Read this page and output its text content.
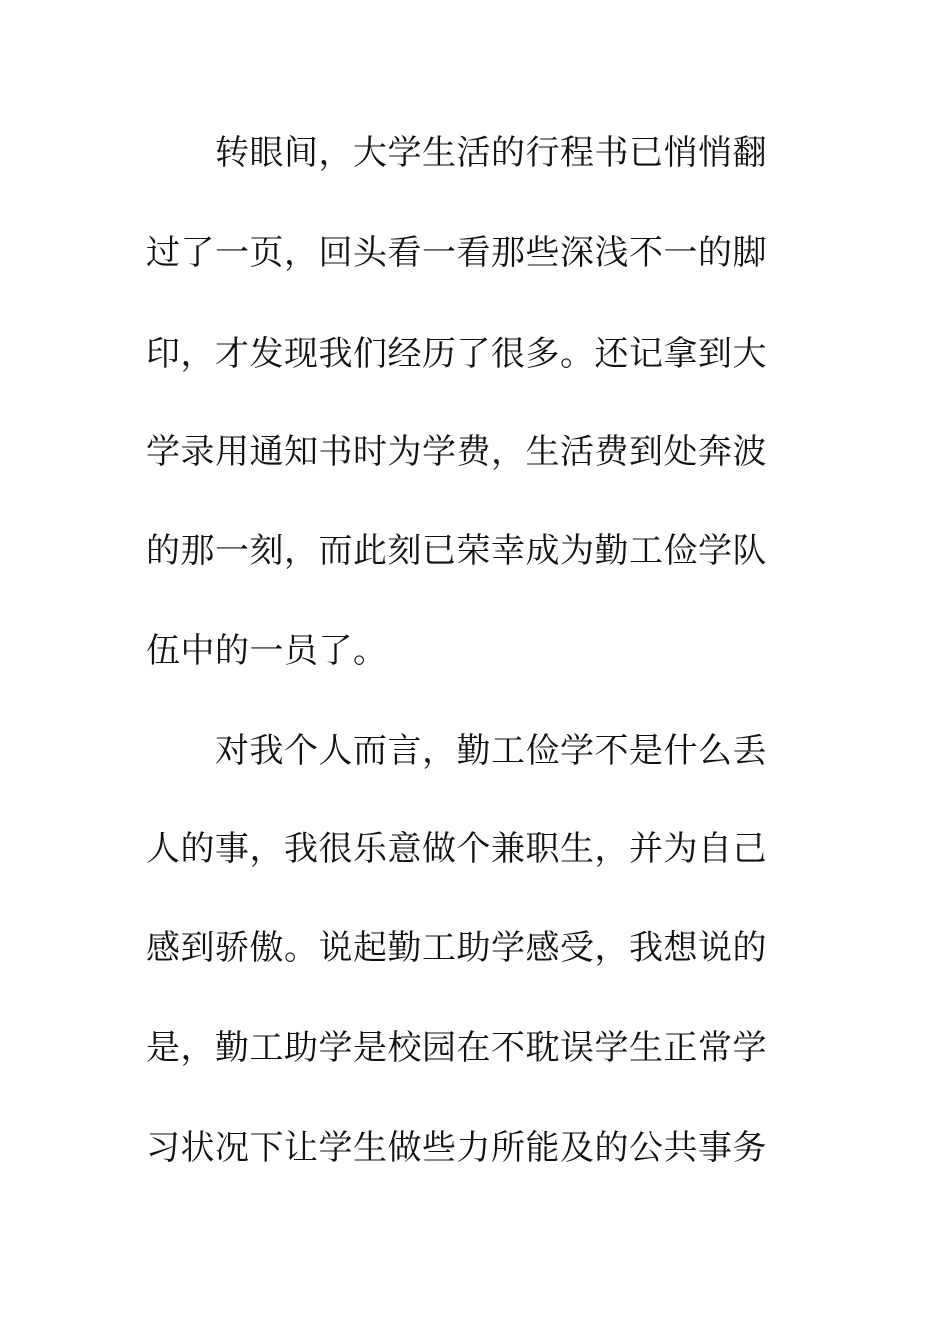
转眼间，大学生活的行程书已悄悄翻
过了一页，回头看一看那些深浅不一的脚
印，才发现我们经历了很多。还记拿到大
学录用通知书时为学费，生活费到处奔波
的那一刻，而此刻已荣幸成为勤工俭学队
伍中的一员了。
对我个人而言，勤工俭学不是什么丢
人的事，我很乐意做个兼职生，并为自己
感到骄傲。说起勤工助学感受，我想说的
是，勤工助学是校园在不耽误学生正常学
习状况下让学生做些力所能及的公共事务
